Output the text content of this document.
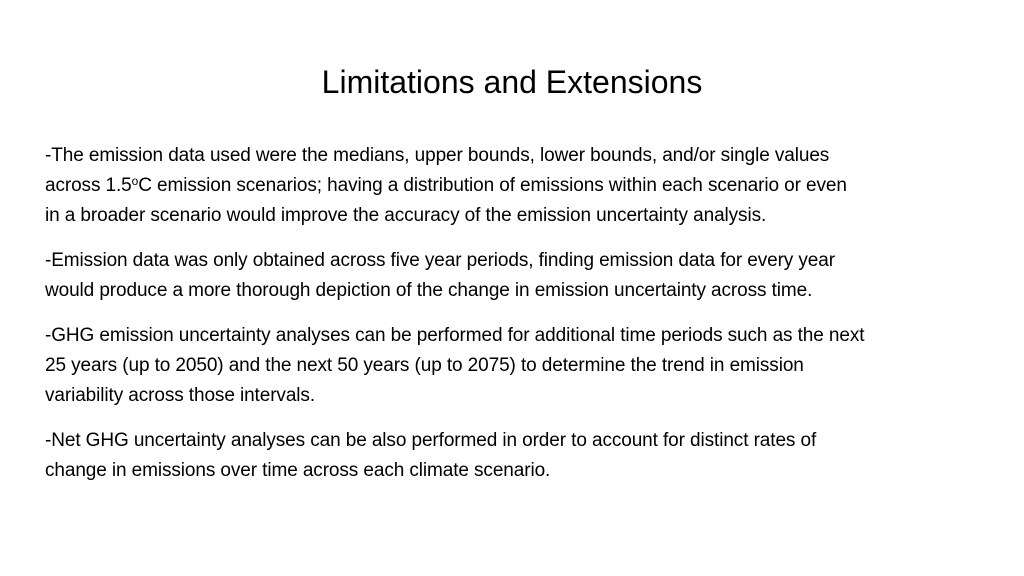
Limitations and Extensions

-The emission data used were the medians, upper bounds, lower bounds, and/or single values
across 1.5$^o$C emission scenarios; having a distribution of emissions within each scenario or even
in a broader scenario would improve the accuracy of the emission uncertainty analysis.

-Emission data was only obtained across five year periods, finding emission data for every year
would produce a more thorough depiction of the change in emission uncertainty across time.

-GHG emission uncertainty analyses can be performed for additional time periods such as the next
25 years (up to 2050) and the next 50 years (up to 2075) to determine the trend in emission
variability across those intervals.

-Net GHG uncertainty analyses can be also performed in order to account for distinct rates of
change in emissions over time across each climate scenario.
